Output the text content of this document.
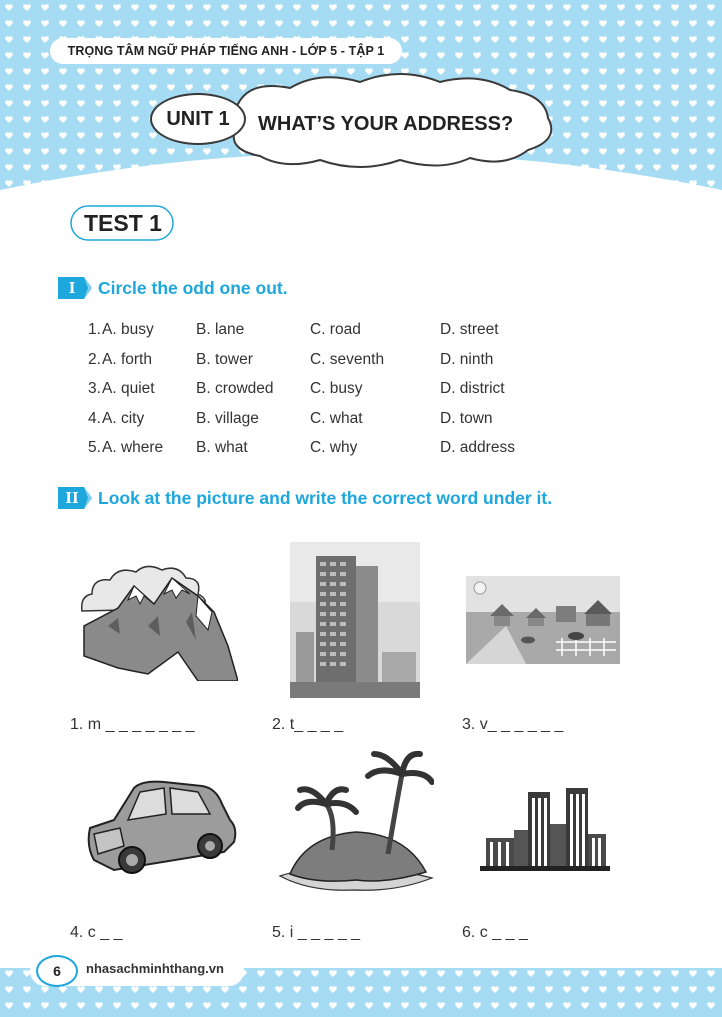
TRỌNG TÂM NGỮ PHÁP TIẾNG ANH - LỚP 5 - TẬP 1
UNIT 1	WHAT’S YOUR ADDRESS?
TEST 1
I	Circle the odd one out.
1. A. busy	B. lane	C. road	D. street
2. A. forth	B. tower	C. seventh	D. ninth
3. A. quiet	B. crowded C. busy	D. district
4. A. city	B. village	C. what	D. town
5. A. where B. what	C. why	D. address
II	Look at the picture and write the correct word under it.
1. m _ _ _ _ _ _ _	2. t_ _ _ _	3. v_ _ _ _ _ _
4. c _ _	5. i _ _ _ _ _	6. c _ _ _
6	nhasachminhthang.vn
